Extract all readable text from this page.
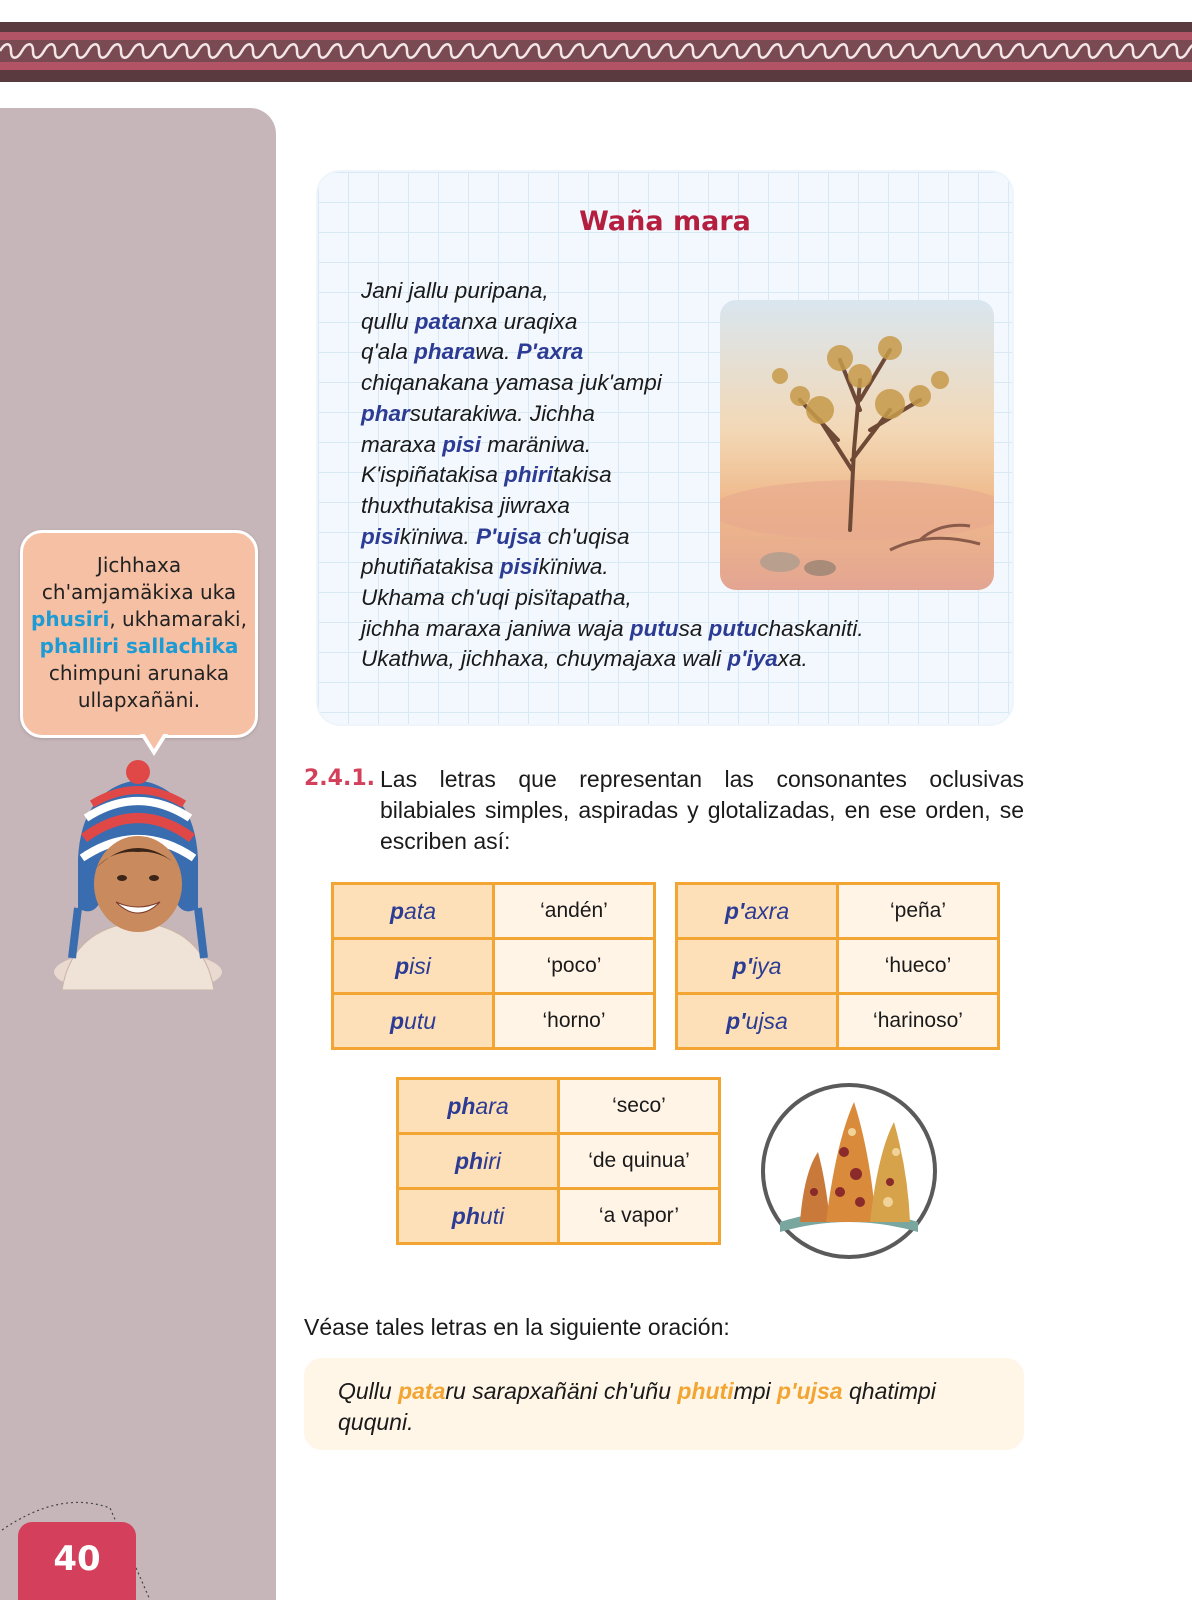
Jichhaxa
ch'amjamäkixa uka
phusiri, ukhamaraki,
phalliri sallachika
chimpuni arunaka
ullapxañäni.
40
Waña mara
Jani jallu puripana,
qullu patanxa uraqixa
q'ala pharawa. P'axra
chiqanakana yamasa juk'ampi
pharsutarakiwa. Jichha
maraxa pisi maräniwa.
K'ispiñatakisa phiritakisa
thuxthutakisa jiwraxa
pisikïniwa. P'ujsa ch'uqisa
phutiñatakisa pisikïniwa.
Ukhama ch'uqi pisïtapatha,
jichha maraxa janiwa waja putusa putuchaskaniti.
Ukathwa, jichhaxa, chuymajaxa wali p'iyaxa.
2.4.1. Las letras que representan las consonantes oclusivas bilabiales simples, aspiradas y glotalizadas, en ese orden, se escriben así:
pata	‘andén’
pisi	‘poco’
putu	‘horno’
p'axra	‘peña’
p'iya	‘hueco’
p'ujsa	‘harinoso’
phara	‘seco’
phiri	‘de quinua’
phuti	‘a vapor’
Véase tales letras en la siguiente oración:
Qullu pataru sarapxañäni ch'uñu phutimpi p'ujsa qhatimpi ququni.
